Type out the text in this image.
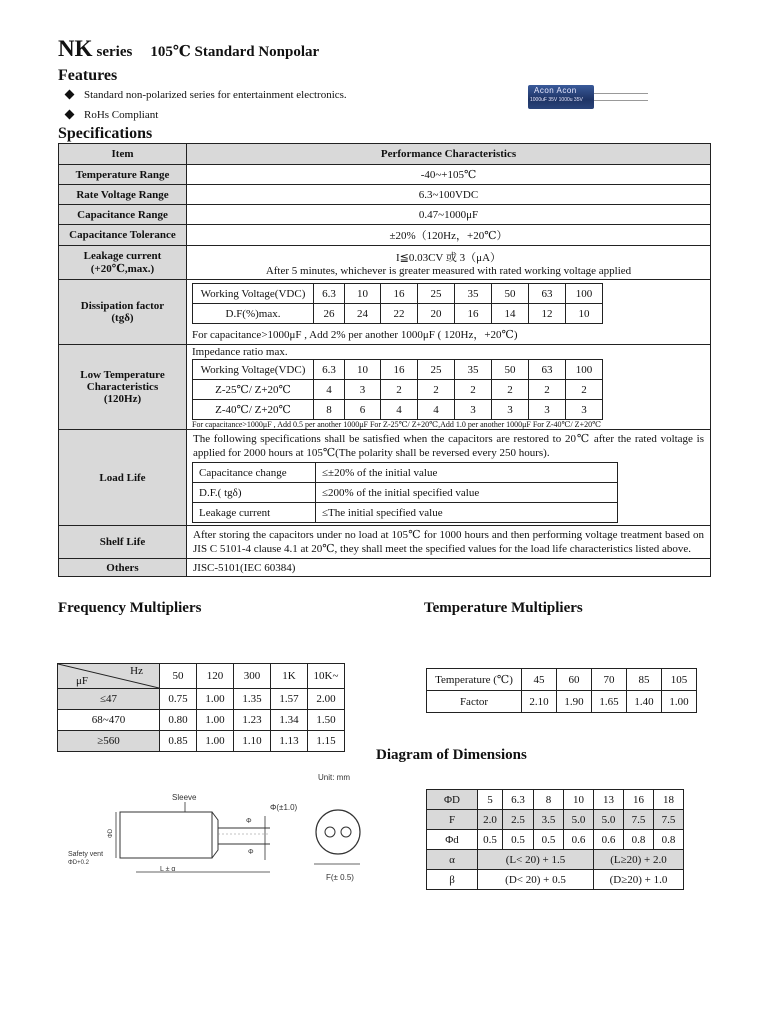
NK series 105℃ Standard Nonpolar
Features
Standard non-polarized series for entertainment electronics.
RoHs Compliant
Acon Acon
1000uF 35V 1000u 35V
Specifications
Item	Performance Characteristics
Temperature Range	-40~+105℃
Rate Voltage Range	6.3~100VDC
Capacitance Range	0.47~1000μF
Capacitance Tolerance	±20%（120Hz，+20℃）

Leakage current
(+20℃,max.)

I≦0.03CV 或 3（μA）
After 5 minutes, whichever is greater measured with rated working voltage applied

Dissipation factor
(tgδ)

Working Voltage(VDC)	6.3	10	16	25	35	50	63	100
D.F(%)max.	26	24	22	20	16	14	12	10
For capacitance>1000μF , Add 2% per another 1000μF ( 120Hz，+20℃)

Low Temperature
Characteristics
(120Hz)

Impedance ratio max.
Working Voltage(VDC)	6.3	10	16	25	35	50	63	100
Z-25℃/ Z+20℃	4	3	2	2	2	2	2	2
Z-40℃/ Z+20℃	8	6	4	4	3	3	3	3
For capacitance>1000μF , Add 0.5 per another 1000μF For Z-25℃/ Z+20℃,Add 1.0 per another 1000μF For Z-40℃/ Z+20℃

Load Life	
The following specifications shall be satisfied when the capacitors are restored to 20℃ after the rated voltage is applied for 2000 hours at 105℃(The polarity shall be reversed every 250 hours).
Capacitance change	≤±20% of the initial value
D.F.( tgδ)	≤200% of the initial specified value
Leakage current	≤The initial specified value

Shelf Life	After storing the capacitors under no load at 105℃ for 1000 hours and then performing voltage treatment based on JIS C 5101-4 clause 4.1 at 20℃, they shall meet the specified values for the load life characteristics listed above.
Others	JISC-5101(IEC 60384)
Frequency Multipliers
Hz
μF	50	120	300	1K	10K~
≤47	0.75	1.00	1.35	1.57	2.00
68~470	0.80	1.00	1.23	1.34	1.50
≥560	0.85	1.00	1.10	1.13	1.15
Temperature Multipliers
Temperature (℃)	45	60	70	85	105
Factor	2.10	1.90	1.65	1.40	1.00
Diagram of Dimensions
Unit: mm
Sleeve
ΦD
Φ
Φ
Φ(±1.0)
L ± α
Safety vent
ΦD+0.2
F(± 0.5)
ΦD	5	6.3	8	10	13	16	18
F	2.0	2.5	3.5	5.0	5.0	7.5	7.5
Φd	0.5	0.5	0.5	0.6	0.6	0.8	0.8
α	(L< 20) + 1.5				(L≥20) + 2.0		
β	(D< 20) + 0.5				(D≥20) + 1.0		
